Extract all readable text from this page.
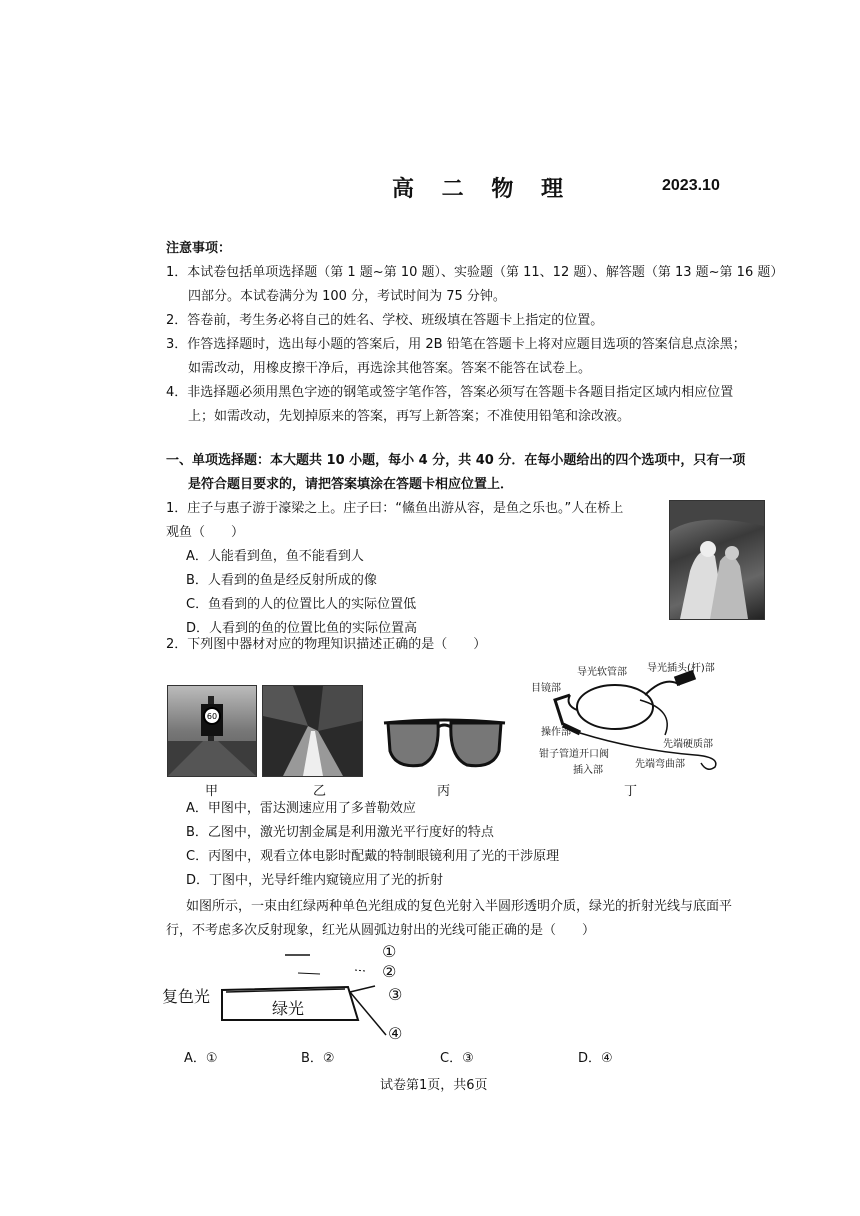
高 二 物 理	2023.10
注意事项：
1．本试卷包括单项选择题（第 1 题~第 10 题）、实验题（第 11、12 题）、解答题（第 13 题~第 16 题）
四部分。本试卷满分为 100 分，考试时间为 75 分钟。
2．答卷前，考生务必将自己的姓名、学校、班级填在答题卡上指定的位置。
3．作答选择题时，选出每小题的答案后，用 2B 铅笔在答题卡上将对应题目选项的答案信息点涂黑；
如需改动，用橡皮擦干净后，再选涂其他答案。答案不能答在试卷上。
4．非选择题必须用黑色字迹的钢笔或签字笔作答，答案必须写在答题卡各题目指定区域内相应位置
上；如需改动，先划掉原来的答案，再写上新答案；不准使用铅笔和涂改液。
一、单项选择题：本大题共 10 小题，每小 4 分，共 40 分．在每小题给出的四个选项中，只有一项
是符合题目要求的，请把答案填涂在答题卡相应位置上．
1．庄子与惠子游于濠梁之上。庄子曰：“鯈鱼出游从容，是鱼之乐也。”人在桥上
观鱼（　　）
A．人能看到鱼，鱼不能看到人
B．人看到的鱼是经反射所成的像
C．鱼看到的人的位置比人的实际位置低
D．人看到的鱼的位置比鱼的实际位置高
2．下列图中器材对应的物理知识描述正确的是（　　）
60
甲	乙	丙
目镜部
导光软管部 导光插头(杆)部
操作部
钳子管道开口阀
插入部
先端硬质部
先端弯曲部
丁
A．甲图中，雷达测速应用了多普勒效应
B．乙图中，激光切割金属是利用激光平行度好的特点
C．丙图中，观看立体电影时配戴的特制眼镜利用了光的干涉原理
D．丁图中，光导纤维内窥镜应用了光的折射
如图所示，一束由红绿两种单色光组成的复色光射入半圆形透明介质，绿光的折射光线与底面平
行，不考虑多次反射现象，红光从圆弧边射出的光线可能正确的是（　　）
复色光
绿光
①
②
③
④
A．①	B．②	C．③	D．④
试卷第1页，共6页
